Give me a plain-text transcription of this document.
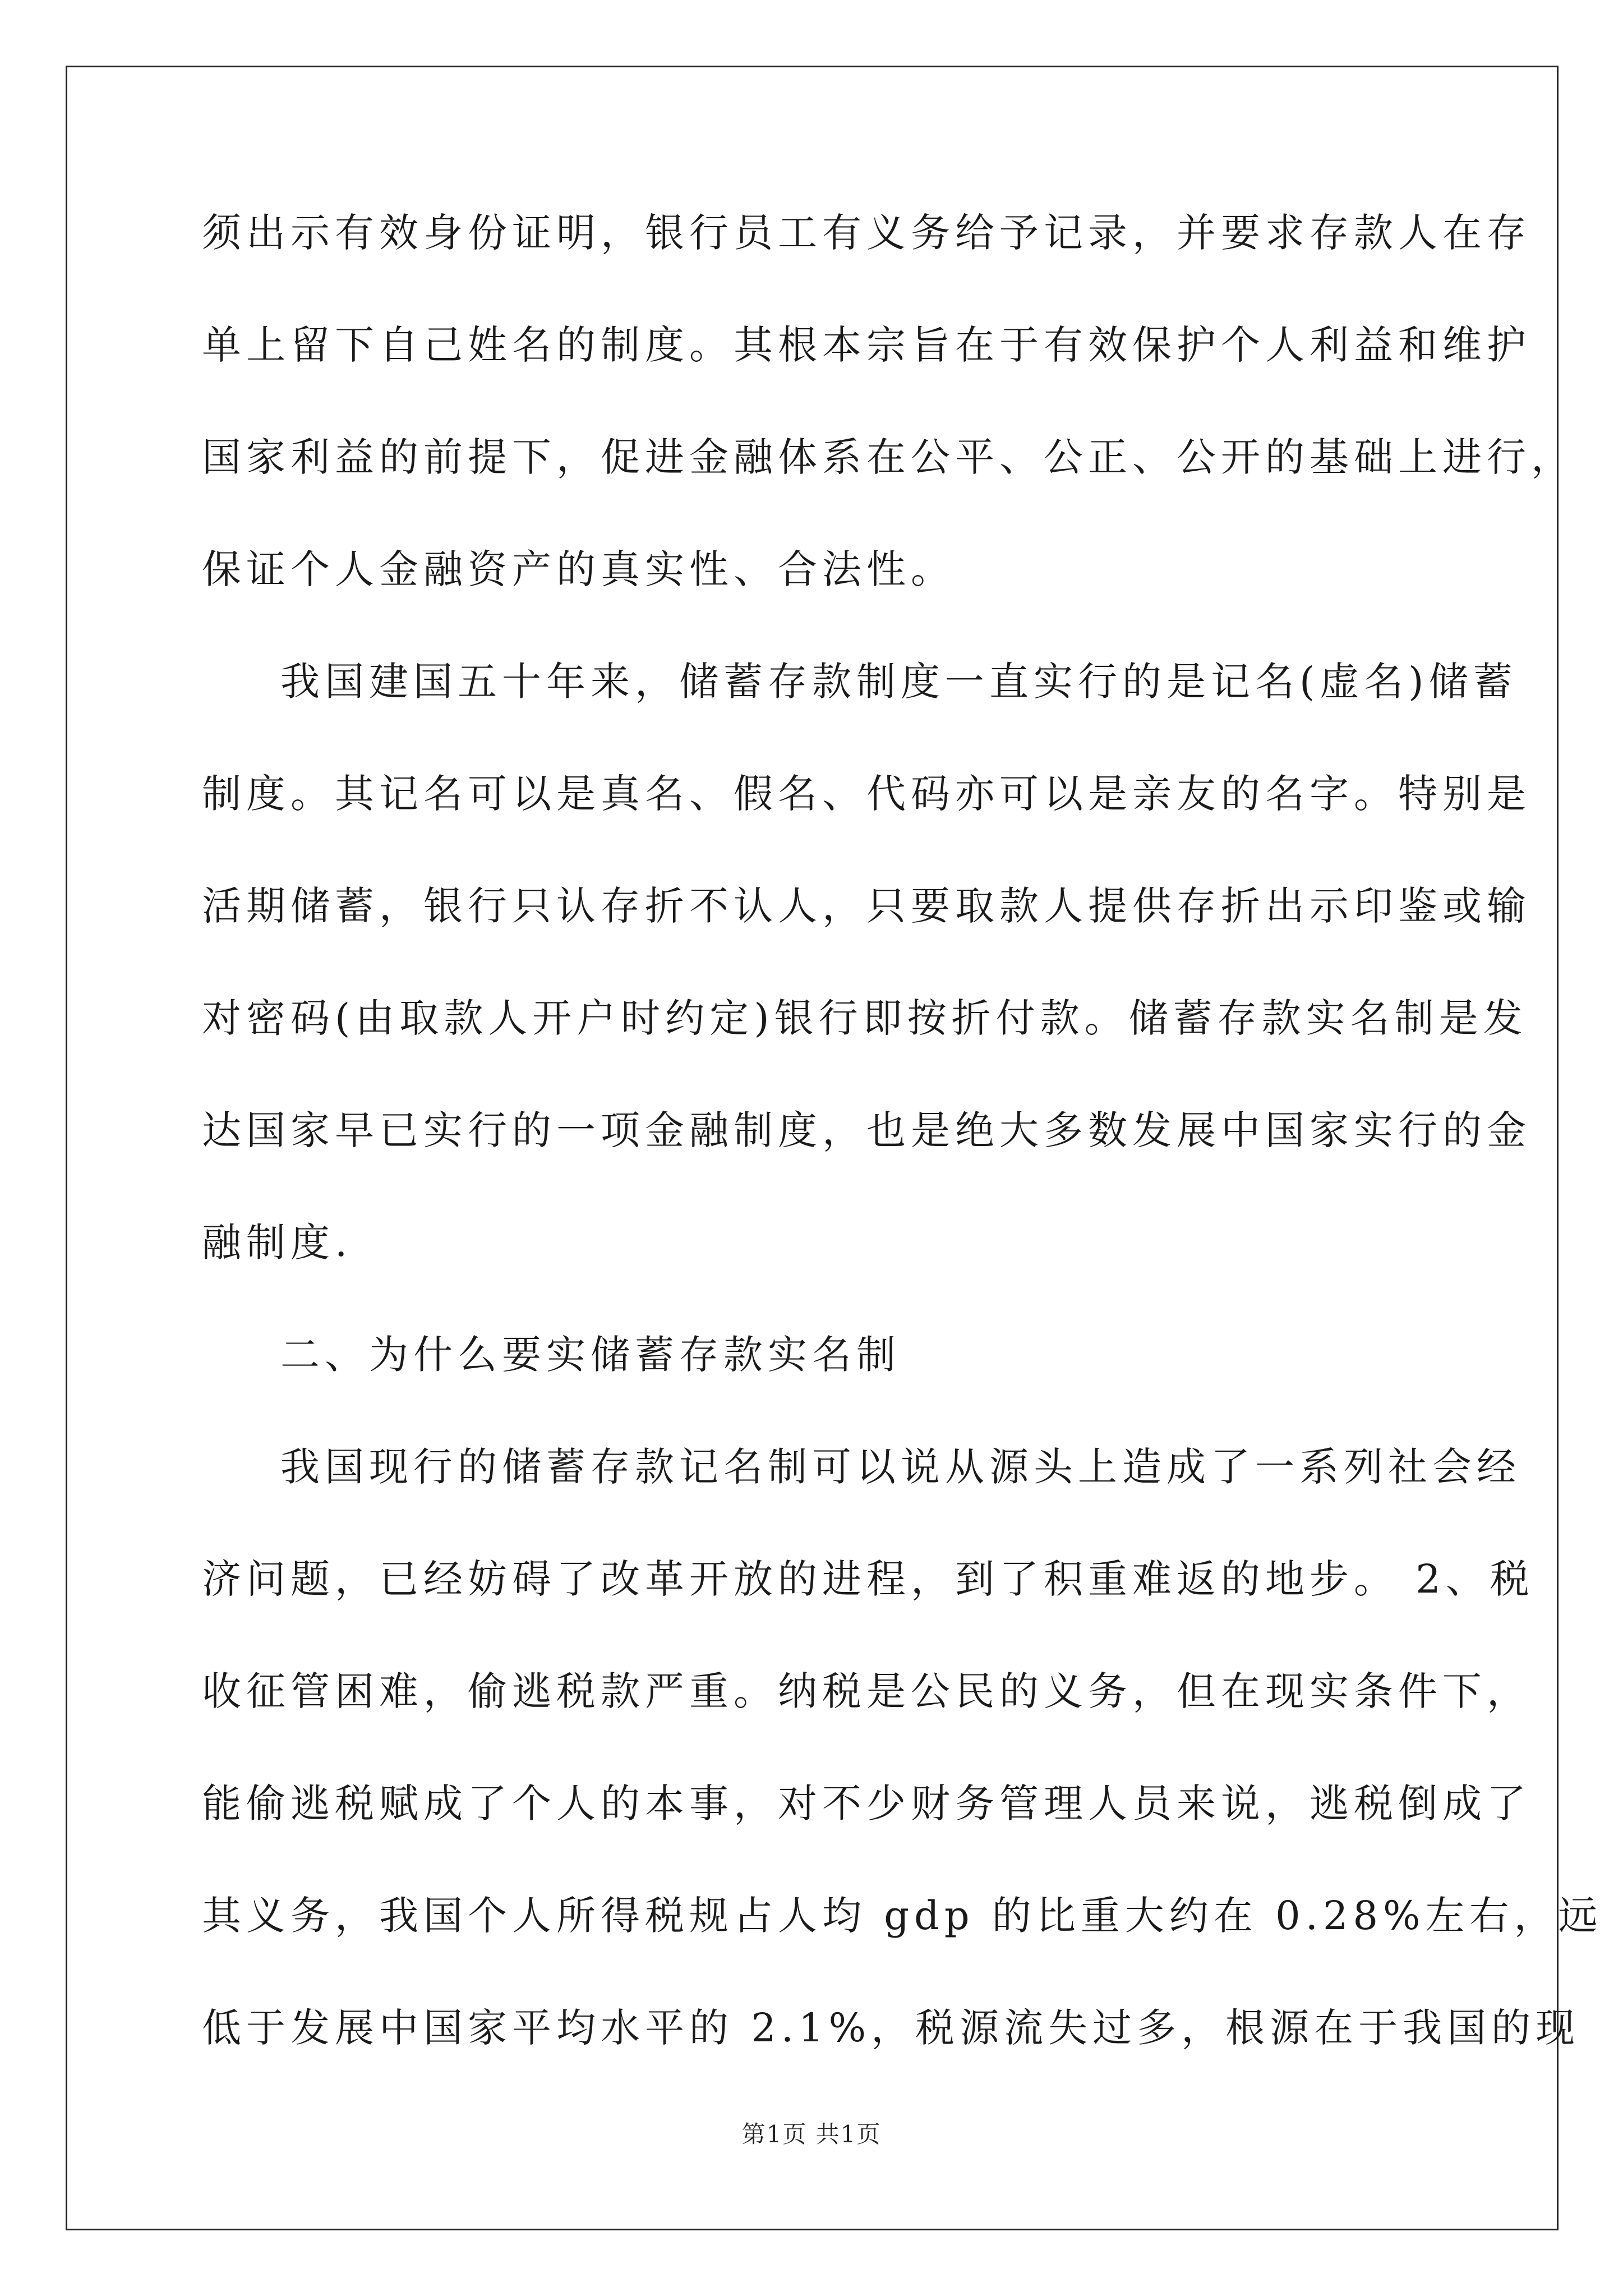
须出示有效身份证明，银行员工有义务给予记录，并要求存款人在存
单上留下自己姓名的制度。其根本宗旨在于有效保护个人利益和维护
国家利益的前提下，促进金融体系在公平、公正、公开的基础上进行，
保证个人金融资产的真实性、合法性。
我国建国五十年来，储蓄存款制度一直实行的是记名(虚名)储蓄
制度。其记名可以是真名、假名、代码亦可以是亲友的名字。特别是
活期储蓄，银行只认存折不认人，只要取款人提供存折出示印鉴或输
对密码(由取款人开户时约定)银行即按折付款。储蓄存款实名制是发
达国家早已实行的一项金融制度，也是绝大多数发展中国家实行的金
融制度.
二、为什么要实储蓄存款实名制
我国现行的储蓄存款记名制可以说从源头上造成了一系列社会经
济问题，已经妨碍了改革开放的进程，到了积重难返的地步。 2、税
收征管困难，偷逃税款严重。纳税是公民的义务，但在现实条件下，
能偷逃税赋成了个人的本事，对不少财务管理人员来说，逃税倒成了
其义务，我国个人所得税规占人均 gdp 的比重大约在 0.28%左右，远
低于发展中国家平均水平的 2.1%，税源流失过多，根源在于我国的现
第1页 共1页
